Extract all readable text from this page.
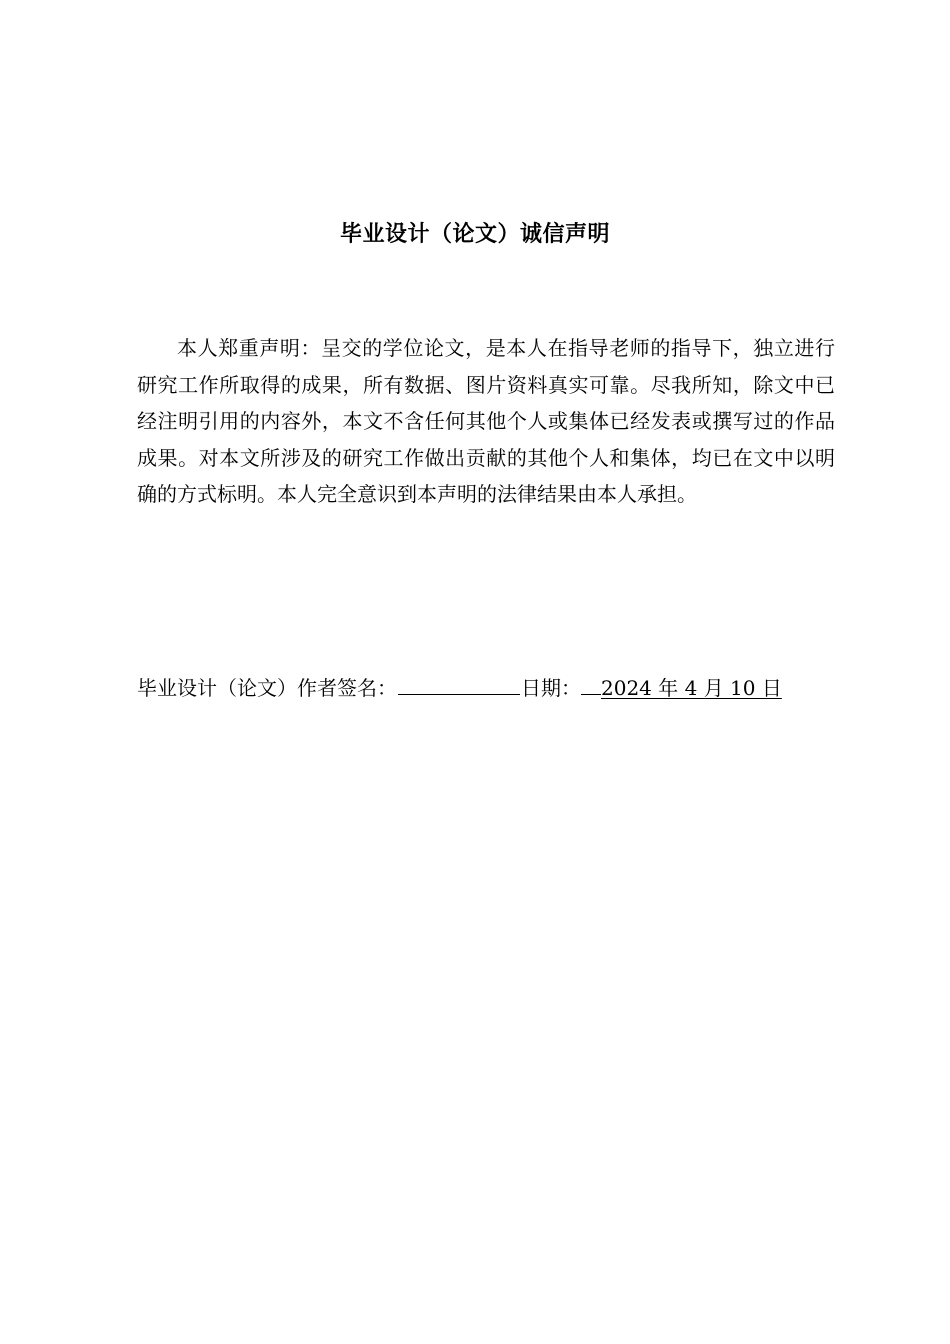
毕业设计（论文）诚信声明

本人郑重声明：呈交的学位论文，是本人在指导老师的指导下，独立进行研究工作所取得的成果，所有数据、图片资料真实可靠。尽我所知，除文中已经注明引用的内容外，本文不含任何其他个人或集体已经发表或撰写过的作品成果。对本文所涉及的研究工作做出贡献的其他个人和集体，均已在文中以明确的方式标明。本人完全意识到本声明的法律结果由本人承担。

毕业设计（论文）作者签名：	日期： 2024 年 4 月 10 日
